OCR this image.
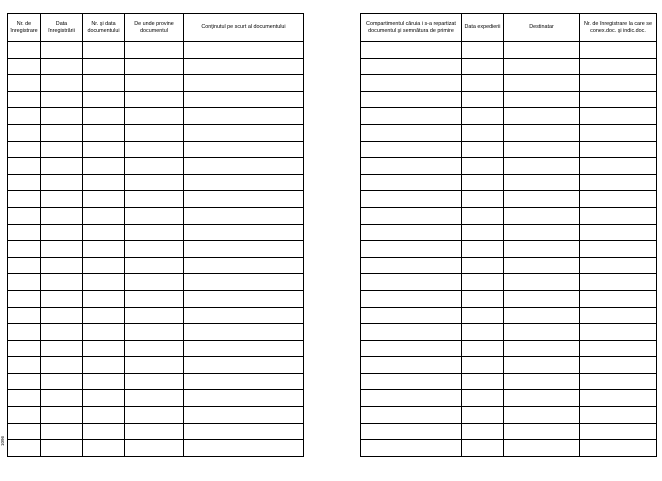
Nr. de înregistrare	Data înregistrării	Nr. şi data documentului	De unde provine documentul	Conţinutul pe scurt al documentului

Compartimentul căruia i s-a repartizat documentul şi semnătura de primire	Data expedierii	Destinatar	Nr. de înregistrare la care se conex.doc. şi indic.doc.

1096
